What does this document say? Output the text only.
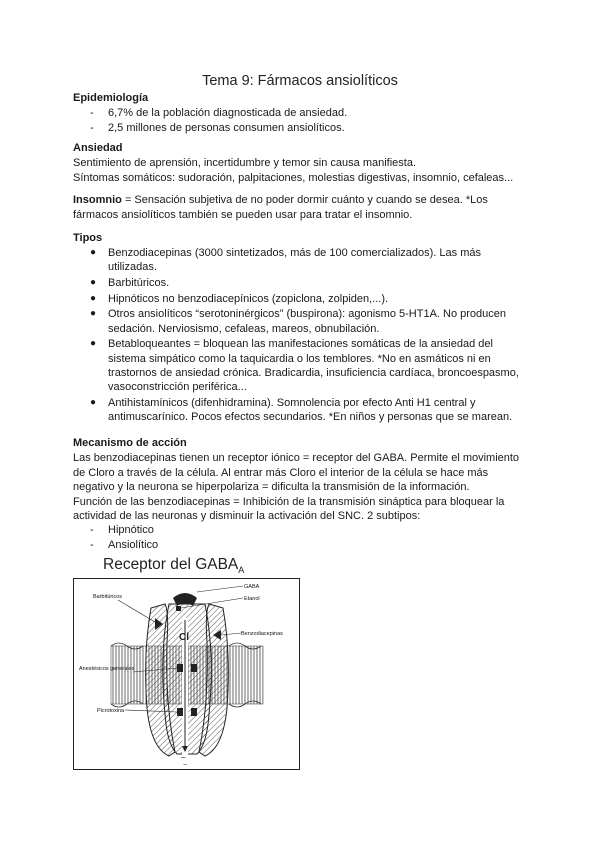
Tema 9: Fármacos ansiolíticos
Epidemiología
- 6,7% de la población diagnosticada de ansiedad.
- 2,5 millones de personas consumen ansiolíticos.
Ansiedad
Sentimiento de aprensión, incertidumbre y temor sin causa manifiesta.
Síntomas somáticos: sudoración, palpitaciones, molestias digestivas, insomnio, cefaleas...
Insomnio = Sensación subjetiva de no poder dormir cuánto y cuando se desea. *Los
fármacos ansiolíticos también se pueden usar para tratar el insomnio.
Tipos
● Benzodiacepinas (3000 sintetizados, más de 100 comercializados). Las más
utilizadas.
● Barbitúricos.
● Hipnóticos no benzodiacepínicos (zopiclona, zolpiden,...).
● Otros ansiolíticos “serotoninérgicos” (buspirona): agonismo 5-HT1A. No producen
sedación. Nerviosismo, cefaleas, mareos, obnubilación.
● Betabloqueantes = bloquean las manifestaciones somáticas de la ansiedad del
sistema simpático como la taquicardia o los temblores. *No en asmáticos ni en
trastornos de ansiedad crónica. Bradicardia, insuficiencia cardíaca, broncoespasmo,
vasoconstricción periférica...
● Antihistamínicos (difenhidramina). Somnolencia por efecto Anti H1 central y
antimuscarínico. Pocos efectos secundarios. *En niños y personas que se marean.
Mecanismo de acción
Las benzodiacepinas tienen un receptor iónico = receptor del GABA. Permite el movimiento
de Cloro a través de la célula. Al entrar más Cloro el interior de la célula se hace más
negativo y la neurona se hiperpolariza = dificulta la transmisión de la información.
Función de las benzodiacepinas = Inhibición de la transmisión sináptica para bloquear la
actividad de las neuronas y disminuir la activación del SNC. 2 subtipos:
- Hipnótico
- Ansiolítico
Receptor del $GABA_A$
Cl
GABA
Etanol
Barbitúricos
Benzodiacepinas
Anestésicos generales
Picrotoxina
_
−
